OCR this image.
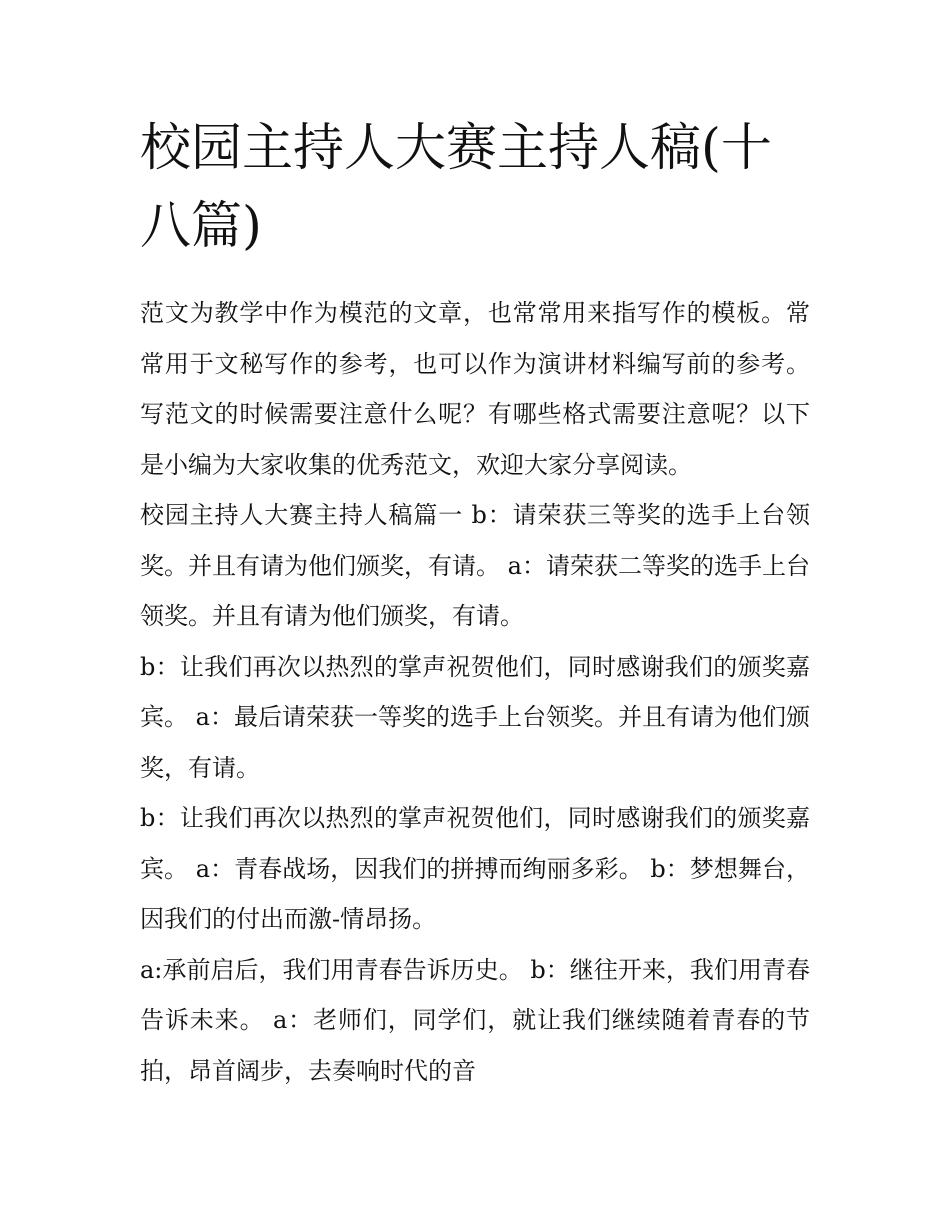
校园主持人大赛主持人稿(十八篇)

范文为教学中作为模范的文章，也常常用来指写作的模板。常常用于文秘写作的参考，也可以作为演讲材料编写前的参考。写范文的时候需要注意什么呢？有哪些格式需要注意呢？以下是小编为大家收集的优秀范文，欢迎大家分享阅读。

校园主持人大赛主持人稿篇一 b：请荣获三等奖的选手上台领奖。并且有请为他们颁奖，有请。 a：请荣获二等奖的选手上台领奖。并且有请为他们颁奖，有请。

b：让我们再次以热烈的掌声祝贺他们，同时感谢我们的颁奖嘉宾。 a：最后请荣获一等奖的选手上台领奖。并且有请为他们颁奖，有请。

b：让我们再次以热烈的掌声祝贺他们，同时感谢我们的颁奖嘉宾。 a：青春战场，因我们的拼搏而绚丽多彩。 b：梦想舞台，因我们的付出而激-情昂扬。

a:承前启后，我们用青春告诉历史。 b：继往开来，我们用青春告诉未来。 a：老师们，同学们，就让我们继续随着青春的节拍，昂首阔步，去奏响时代的音
